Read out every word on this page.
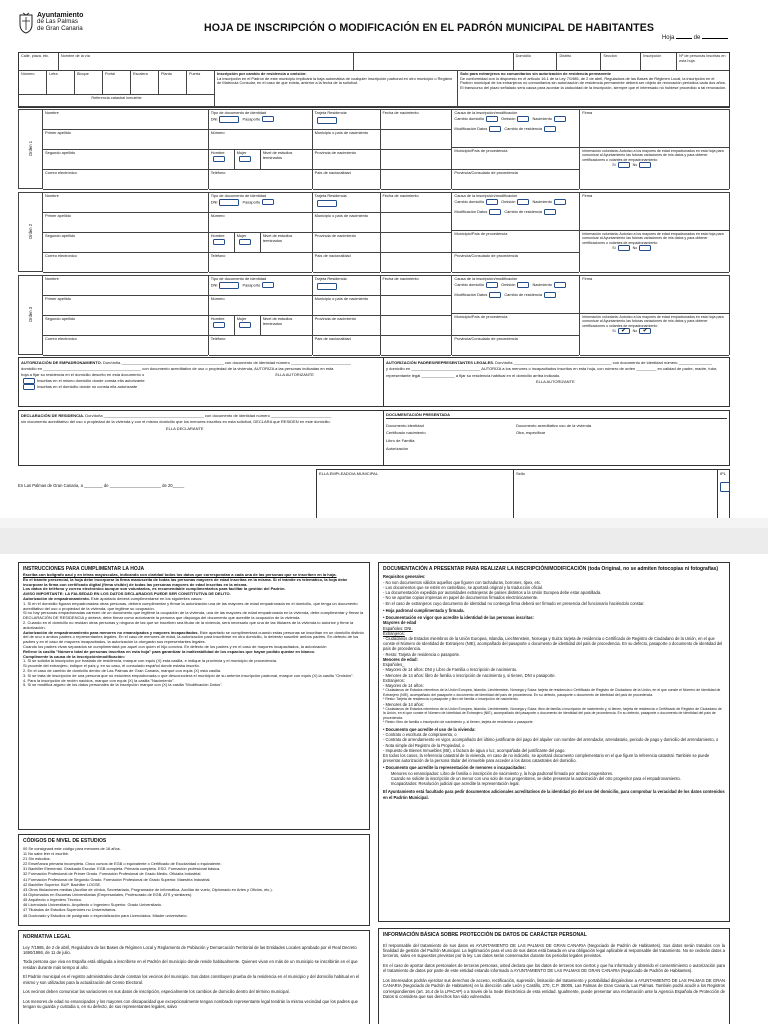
Ayuntamiento
de Las Palmas
de Gran Canaria	HOJA DE INSCRIPCIÓN O MODIFICACIÓN EN EL PADRÓN MUNICIPAL DE HABITANTES
Hoja	de
Calle, plaza, etc.	Nombre de la vía	Domicilio	Distrito	Sección	Inscripción	Nº de personas inscritas en esta hoja
Número	Letra	Bloque	Portal	Escalera	Planta	Puerta
Referencia catastral inmueble
Inscripción por cambio de residencia u omisión:
La inscripción en el Padrón de este municipio implicará la baja automática de cualquier inscripción padronal en otro municipio o Registro de Matrícula Consular, en el caso de que exista, anterior a la fecha de la solicitud.
Solo para extranjeros no comunitarios sin autorización de residencia permanente
De conformidad con lo dispuesto en el artículo 16.1 de la Ley 7/1985, de 2 de abril, Reguladora de las Bases de Régimen Local, la inscripción en el Padrón municipal de los extranjeros no comunitarios sin autorización de residencia permanente deberá ser objeto de renovación periódica cada dos años. El transcurso del plazo señalado será causa para acordar la caducidad de la inscripción, siempre que el interesado no hubiese procedido a tal renovación.
Orden 1
Nombre
Primer apellido
Segundo apellido
Correo electrónico
Tipo de documento de identidad
DNI	Pasaporte
Número
Hombre	Mujer	Nivel de estudios terminados
Teléfono
Tarjeta Residencia

Municipio o país de nacimiento
Provincia de nacimiento
País de nacionalidad
Fecha de nacimiento	Causa de la inscripción/modificación
Cambio domicilio	Omisión	Nacimiento

Modificación Datos	Cambio de residencia
Municipio/País de procedencia
Provincia/Consulado de procedencia
Firma
Información voluntaria: Autorizo a los mayores de edad empadronados en esta hoja para comunicar al Ayuntamiento las futuras variaciones de mis datos y para obtener certificaciones o volantes de empadronamiento
Sí	No
Orden 2
Nombre
Primer apellido
Segundo apellido
Correo electrónico
Tipo de documento de identidad
DNI	Pasaporte
Número
Hombre	Mujer	Nivel de estudios terminados
Teléfono
Tarjeta Residencia

Municipio o país de nacimiento
Provincia de nacimiento
País de nacionalidad
Fecha de nacimiento	Causa de la inscripción/modificación
Cambio domicilio	Omisión	Nacimiento

Modificación Datos	Cambio de residencia
Municipio/País de procedencia
Provincia/Consulado de procedencia
Firma
Información voluntaria: Autorizo a los mayores de edad empadronados en esta hoja para comunicar al Ayuntamiento las futuras variaciones de mis datos y para obtener certificaciones o volantes de empadronamiento
Sí	No
Orden 3
Nombre
Primer apellido
Segundo apellido
Correo electrónico
Tipo de documento de identidad
DNI	Pasaporte
Número
Hombre	Mujer	Nivel de estudios terminados
Teléfono
Tarjeta Residencia

Municipio o país de nacimiento
Provincia de nacimiento
País de nacionalidad
Fecha de nacimiento	Causa de la inscripción/modificación
Cambio domicilio	Omisión	Nacimiento

Modificación Datos	Cambio de residencia
Municipio/País de procedencia
Provincia/Consulado de procedencia
Firma
Información voluntaria: Autorizo a los mayores de edad empadronados en esta hoja para comunicar al Ayuntamiento las futuras variaciones de mis datos y para obtener certificaciones o volantes de empadronamiento
Sí ✔ No ✔
AUTORIZACIÓN DE EMPADRONAMIENTO. Don/doña ______________________________________________ con documento de identidad número ___________________________
domicilio en ____________________________________________ con documento acreditativo de uso o propiedad de la vivienda, AUTORIZA a las personas indicadas en esta
hoja a fijar su residencia en el domicilio descrito en esta documento o	ELLA AUTORIZANTE
Inscritas en el mismo domicilio donde consta ella autorizante
Inscritas en el domicilio donde no consta ella autorizante
AUTORIZACIÓN PADRES/REPRESENTANTES LEGALES. Don/doña ____________________________________________ con documento de identidad número _______________
y domicilio en _______________________________ AUTORIZA a los menores o incapacitados inscritos en esta hoja, con número de orden _________ en calidad de padre, madre, tutor, representante legal _______________ a fijar su residencia habitual en el domicilio arriba indicado.
ELLA AUTORIZANTE
DECLARACIÓN DE RESIDENCIA. Don/doña _____________________________________________ con documento de identidad número ___________________________
sin documento acreditativo del uso o propiedad de la vivienda y con el mismo domicilio que los menores inscritos en esta solicitud, DECLARA que RESIDEN en este domicilio.
ELLA DECLARANTE
DOCUMENTACIÓN PRESENTADA
Documento identidad
Certificado nacimiento
Libro de Familia
Autorización
Documento acreditativo uso de la vivienda
Otra, especificar
En Las Palmas de Gran Canaria, a ________ de ______________________ de 20_____
ELLA EMPLEADO/A MUNICIPAL	Sello	IPL
INSTRUCCIONES PARA CUMPLIMENTAR LA HOJA

Escriba con bolígrafo azul y en letras mayúsculas, indicando con claridad todos los datos que correspondan a cada una de las personas que se inscriben en la hoja.

En el trámite presencial, la hoja debe incorporar la firma manuscrita de todas las personas mayores de edad inscritas en la misma. Si el trámite es telemático, la hoja debe incorporar la firma con certificado digital (firma visible) de todas las personas mayores de edad inscritas en la misma.

Los datos de teléfono y correo electrónico aunque son voluntarios, es recomendable cumplimentarlos para facilitar la gestión del Padrón.

AVISO IMPORTANTE: LA FALSEDAD EN LOS DATOS DECLARADOS PUEDE SER CONSTITUTIVA DE DELITO.

Autorización de empadronamiento. Este apartado deberá cumplimentarse en los siguientes casos:

1. Si en el domicilio figuran empadronadas otras personas, deberá cumplimentar y firmar la autorización una de las mayores de edad empadronada en el domicilio, que tenga un documento acreditativo del uso o propiedad de la vivienda, que legitime su ocupación.

Si no hay personas empadronadas carecen de un documento que legitime la ocupación de la vivienda, una de las mayores de edad empadronada en la vivienda, debe cumplimentar y firmar la DECLARACIÓN DE RESIDENCIA y deberá, debe firmar como autorizante la persona que disponga del documento que acredite la ocupación de la vivienda.

2. Cuando en el domicilio no residan otras personas y ninguna de las que se inscriben sea titular de la vivienda, será necesario que una de las titulares de la vivienda lo autorice y firme la autorización.

Autorización de empadronamiento para menores no emancipados y mayores incapacitados. Este apartado se cumplimentará cuando estas personas se inscriban en un domicilio distinto del de uno o ambos padres o representantes legales. En el caso de menores de edad, la autorización para inscribirse en otro domicilio, lo deberán suscribir ambos padres. En defecto de los padres y en el caso de mayores incapacitados, la autorización la otorgarán sus representantes legales.

Cuando los padres vivan separados se cumplimentará por aquel con quien el hijo conviva. En defecto de los padres y en el caso de mayores incapacitados, la autorización

Rellene la casilla "Número total de personas inscritas en esta hoja" para garantizar la inalterabilidad de los espacios que hayan podido quedar en blanco.

Cumplimente la causa de la inscripción/modificación:

1. Si se solicita la inscripción por traslado de residencia, marque con equis (X) esta casilla, e indique la provincia y el municipio de procedencia.

Si procede del extranjero, indique el país y, en su caso, el consulado español donde estaba inscrito.

2. En el caso de cambio de domicilio dentro de Las Palmas de Gran Canaria, marque con equis (X) esta casilla.

3. Si se trata de inscripción de una persona que no estuviera empadronada o que desconociera el municipio de su anterior inscripción padronal, marque con equis (X) la casilla "Omisión".

4. Para la inscripción de recién nacidos, marque con equis (X) la casilla "Nacimiento".

5. Si se modifica alguno de los datos personales de la inscripción marque con (X) la casilla "Modificación Datos".

CÓDIGOS DE NIVEL DE ESTUDIOS
00 Se consignará este código para menores de 16 años.
11 No sabe leer ni escribir.
21 Sin estudios.
22 Enseñanza primaria incompleta. Cinco cursos de EGB o equivalente o Certificado de Escolaridad o equivalente.
31 Bachiller Elemental. Graduado Escolar. EGB completa. Primaria completa. ESO. Formación profesional básica.
32 Formación Profesional de Primer Grado. Formación Profesional de Grado Medio. Oficialía Industrial.
41 Formación Profesional de Segundo Grado. Formación Profesional de Grado Superior. Maestría Industrial.
42 Bachiller Superior. BUP. Bachiller LOGSE.
43 Otros titulaciones medias (Auxiliar de clínica, Secretariado, Programador de informática, Auxiliar de vuelo, Diplomado en Artes y Oficios, etc.).
44 Diplomados en Escuelas Universitarias (Empresariales, Profesorado de EGB, ATS y similares).
45 Arquitecto o Ingeniero Técnico.
46 Licenciado Universitario. Arquitecto o Ingeniero Superior. Grado Universitario.
47 Titulados de Estudios Superiores no Universitarios.
48 Doctorado y Estudios de postgrado o especialización para Licenciados. Máster universitario.
NORMATIVA LEGAL

Ley 7/1985, de 2 de abril, Reguladora de las Bases de Régimen Local y Reglamento de Población y Demarcación Territorial de las Entidades Locales aprobado por el Real Decreto 1690/1986, de 11 de julio.

Toda persona que viva en España está obligada a inscribirse en el Padrón del municipio donde reside habitualmente. Quienes vivan en más de un municipio se inscribirán en el que residan durante más tiempo al año.

El Padrón municipal es el registro administrativo donde constan los vecinos del municipio. Sus datos constituyen prueba de la residencia en el municipio y del domicilio habitual en el mismo y son utilizados para la actualización del Censo Electoral.

Los vecinos deben comunicar las variaciones en sus datos de inscripción, especialmente los cambios de domicilio dentro del término municipal.

Los menores de edad no emancipados y los mayores con discapacidad que excepcionalmente tengan nombrado representante legal tendrán la misma vecindad que los padres que tengan su guarda y custodia o, en su defecto, de sus representantes legales, salvo

DOCUMENTACIÓN A PRESENTAR PARA REALIZAR LA INSCRIPCIÓN/MODIFICACIÓN (toda Original, no se admiten fotocopias ni fotografías)
Requisitos generales:
- No son documentos válidos aquellos que figuren con tachaduras, borrones, tipex, etc.
- Los documentos que se estén en castellano, se aportará original y la traducción oficial.
- La documentación expedida por autoridades extranjeras de países distintos a la Unión Europea debe estar apostillada.
- No se aportan copias impresas en papel de documentos firmados electrónicamente.
- En el caso de extranjeros cuyo documento de identidad no contenga firma deberá ser firmado en presencia del funcionario haciéndolo constar.
• Hoja padronal cumplimentada y firmada.
• Documentación en vigor que acredite la identidad de las personas inscritas:
Mayores de edad
Españoles: DNI.
Extranjeros:
- Ciudadanos de Estados miembros de la Unión Europea, Islandia, Liechtenstein, Noruega y Suiza: tarjeta de residencia o Certificado de Registro de Ciudadano de la Unión, en el que conste el Número de Identidad de Extranjero (NIE), acompañado del pasaporte o documento de identidad del país de procedencia. En su defecto, pasaporte o documento de identidad del país de procedencia.
- Resto: Tarjeta de residencia o pasaporte.
Menores de edad:
Españoles_
- Mayores de 14 años: DNI y Libro de Familia o Inscripción de nacimiento.
- Menores de 14 años: libro de familia o inscripción de nacimiento y, si tienen, DNI o pasaporte.
Extranjeros:
- Mayores de 14 años:
* Ciudadanos de Estados miembros de la Unión Europea, Islandia, Liechtenstein, Noruega y Suiza: tarjeta de residencia o Certificado de Registro de Ciudadano de la Unión, en el que conste el Número de Identidad de Extranjero (NIE), acompañado del pasaporte o documento de identidad del país de procedencia. En su defecto, pasaporte o documento de identidad del país de procedencia.
* Resto: Tarjeta de residencia o pasaporte y libro de familia o inscripción de nacimiento.
- Menores de 14 años:
* Ciudadanos de Estados miembros de la Unión Europea, Islandia, Liechtenstein, Noruega y Suiza: libro de familia o inscripción de nacimiento y, si tienen, tarjeta de residencia o Certificado de Registro de Ciudadano de la Unión, en el que conste el Número de Identidad de Extranjero (NIE), acompañado del pasaporte o documento de identidad del país de procedencia. En su defecto, pasaporte o documento de identidad del país de procedencia.
* Resto: libro de familia o inscripción de nacimiento y, si tienen, tarjeta de residencia o pasaporte.
• Documento que acredite el uso de la vivienda:
- Contrato o escritura de compraventa, o
- Contrato de arrendamiento en vigor, acompañado del último justificante del pago del alquiler con nombre del arrendador, arrendatario, periodo de pago y domicilio del arrendamiento, o
- Nota simple del Registro de la Propiedad, o
- Impuesto de Bienes Inmuebles (IBI), o factura de agua o luz, acompañada del justificante del pago.
En todos los casos, la referencia catastral de la vivienda, en caso de no indicarlo, se aportará documento complementario en el que figure la referencia catastral. También se puede presentar autorización de la persona titular del inmueble para acceder a los datos catastrales del domicilio.
• Documento que acredite la representación de menores o incapacitados:
Menores no emancipados: Libro de familia o inscripción de nacimiento y, la hoja padronal firmada por ambos progenitores.
Cuando se solicite la inscripción de un menor con uno solo de sus progenitores, se debe presentar la autorización del otro progenitor para el empadronamiento.
Incapacitados: Resolución judicial que acredite la representación legal.
El Ayuntamiento está facultado para pedir documentos adicionales acreditativos de la identidad y/o del uso del domicilio, para comprobar la veracidad de los datos contenidos en el Padrón Municipal.
INFORMACIÓN BÁSICA SOBRE PROTECCIÓN DE DATOS DE CARÁCTER PERSONAL

El responsable del tratamiento de sus datos es AYUNTAMIENTO DE LAS PALMAS DE GRAN CANARIA (Negociado de Padrón de Habitantes). Sus datos serán tratados con la finalidad de gestión del Padrón Municipal. La legitimación para el uso de sus datos está basada en una obligación legal aplicable al responsable del tratamiento. No se cederán datos a terceros, salvo en supuestos previstos por la ley. Los datos serán conservados durante los periodos legales previstos.

En el caso de aportar datos personales de terceras personas, usted declara que los datos de terceros son ciertos y que ha informado y obtenido el consentimiento o autorización para el tratamiento de datos por parte de este entidad estando informado a AYUNTAMIENTO DE LAS PALMAS DE GRAN CANARIA (Negociado de Padrón de Habitantes).

Los interesados podrán ejercitar sus derechos de acceso, rectificación, supresión, limitación del tratamiento y portabilidad dirigiéndose a AYUNTAMIENTO DE LAS PALMAS DE GRAN CANARIA (Negociado de Padrón de Habitantes) en la dirección calle León y Castillo, 270, C.P. 35005, Las Palmas de Gran Canaria, Las Palmas. También podrá acudir a los Registros correspondientes (art. 16.4 de la LPACAP) o a través de la Sede Electrónica de esta entidad. Igualmente, puede presentar una reclamación ante la Agencia Española de Protección de Datos si considera que sus derechos han sido vulnerados.
